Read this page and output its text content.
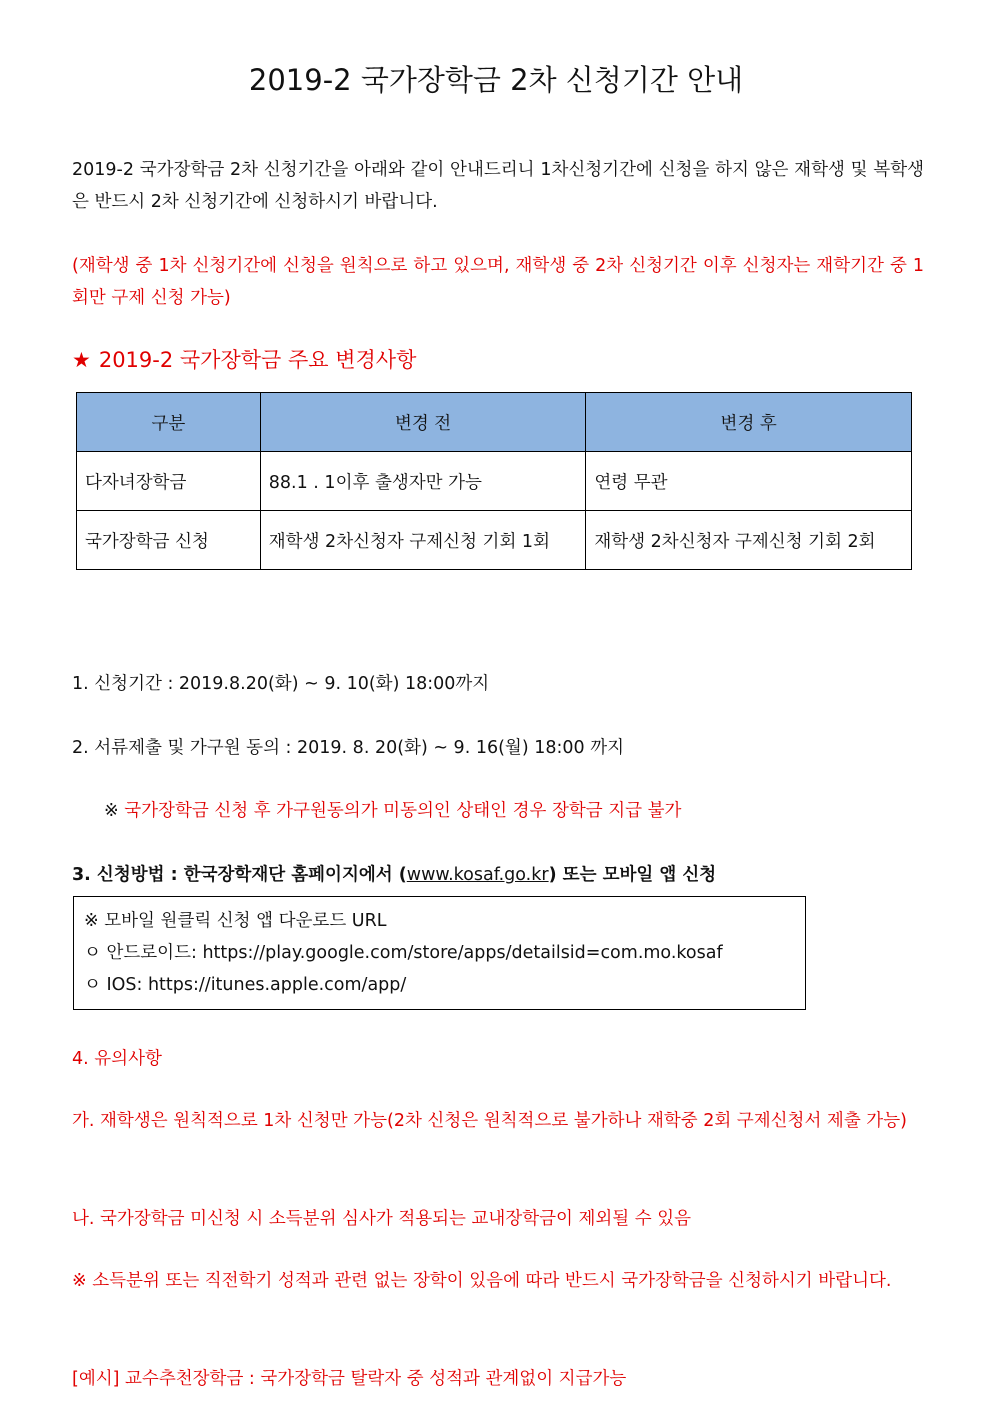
2019-2 국가장학금 2차 신청기간 안내
2019-2 국가장학금 2차 신청기간을 아래와 같이 안내드리니 1차신청기간에 신청을 하지 않은 재학생 및 복학생은 반드시 2차 신청기간에 신청하시기 바랍니다.
(재학생 중 1차 신청기간에 신청을 원칙으로 하고 있으며, 재학생 중 2차 신청기간 이후 신청자는 재학기간 중 1회만 구제 신청 가능)
★ 2019-2 국가장학금 주요 변경사항
구분	변경 전	변경 후
다자녀장학금	88.1 . 1이후 출생자만 가능	연령 무관
국가장학금 신청	재학생 2차신청자 구제신청 기회 1회	재학생 2차신청자 구제신청 기회 2회
1. 신청기간 : 2019.8.20(화) ~ 9. 10(화) 18:00까지
2. 서류제출 및 가구원 동의 : 2019. 8. 20(화) ~ 9. 16(월) 18:00 까지
※ 국가장학금 신청 후 가구원동의가 미동의인 상태인 경우 장학금 지급 불가
3. 신청방법 : 한국장학재단 홈페이지에서 (www.kosaf.go.kr) 또는 모바일 앱 신청
※ 모바일 원클릭 신청 앱 다운로드 URL
ㅇ 안드로이드: https://play.google.com/store/apps/detailsid=com.mo.kosaf
ㅇ IOS: https://itunes.apple.com/app/
4. 유의사항
가. 재학생은 원칙적으로 1차 신청만 가능(2차 신청은 원칙적으로 불가하나 재학중 2회 구제신청서 제출 가능)
나. 국가장학금 미신청 시 소득분위 심사가 적용되는 교내장학금이 제외될 수 있음
※ 소득분위 또는 직전학기 성적과 관련 없는 장학이 있음에 따라 반드시 국가장학금을 신청하시기 바랍니다.
[예시] 교수추천장학금 : 국가장학금 탈락자 중 성적과 관계없이 지급가능
